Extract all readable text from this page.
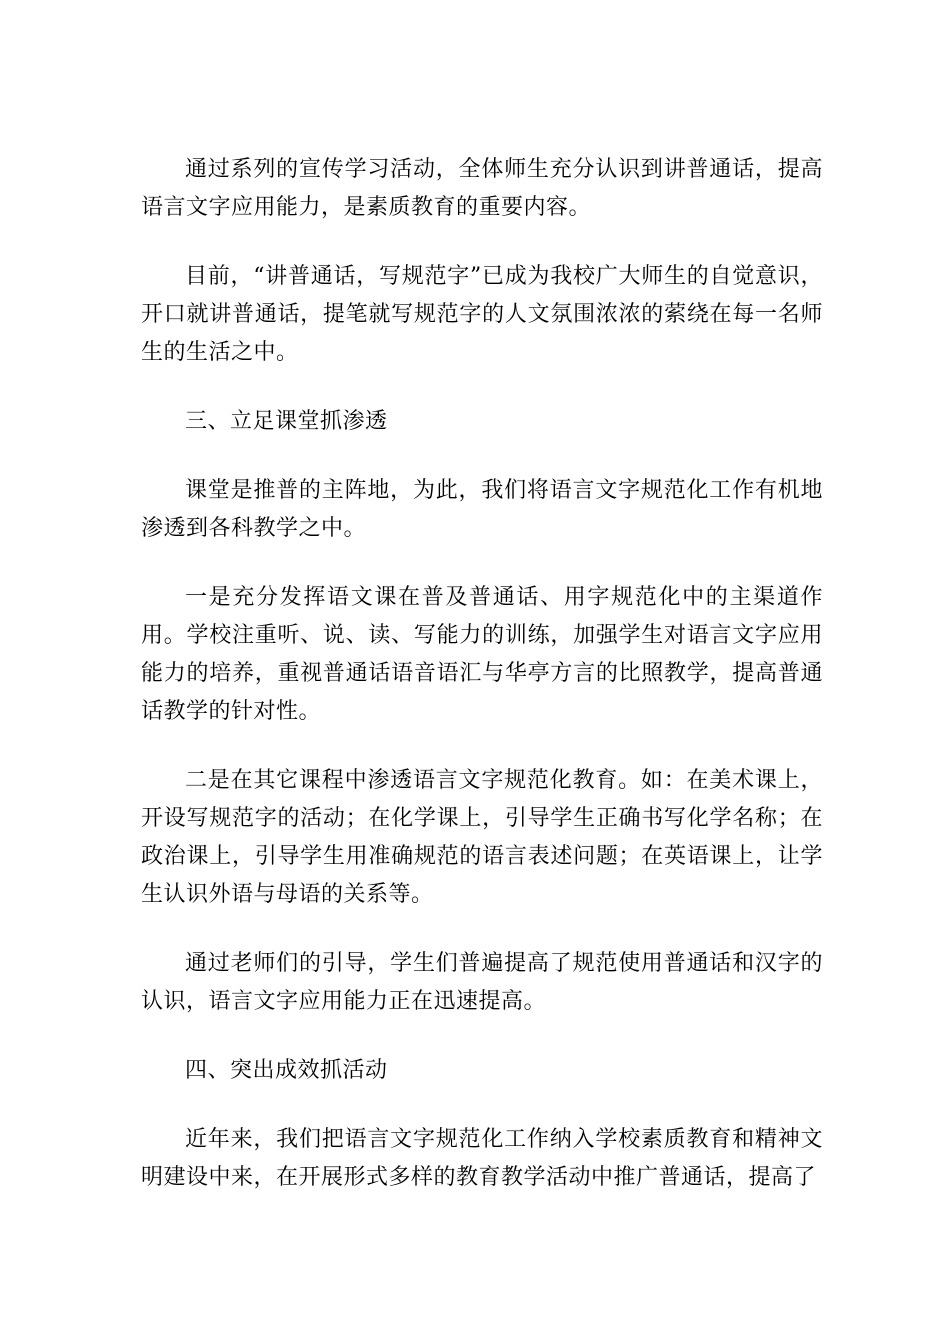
通过系列的宣传学习活动，全体师生充分认识到讲普通话，提高语言文字应用能力，是素质教育的重要内容。

目前，“讲普通话，写规范字”已成为我校广大师生的自觉意识，开口就讲普通话，提笔就写规范字的人文氛围浓浓的萦绕在每一名师生的生活之中。

三、立足课堂抓渗透

课堂是推普的主阵地，为此，我们将语言文字规范化工作有机地渗透到各科教学之中。

一是充分发挥语文课在普及普通话、用字规范化中的主渠道作用。学校注重听、说、读、写能力的训练，加强学生对语言文字应用能力的培养，重视普通话语音语汇与华亭方言的比照教学，提高普通话教学的针对性。

二是在其它课程中渗透语言文字规范化教育。如：在美术课上，开设写规范字的活动；在化学课上，引导学生正确书写化学名称；在政治课上，引导学生用准确规范的语言表述问题；在英语课上，让学生认识外语与母语的关系等。

通过老师们的引导，学生们普遍提高了规范使用普通话和汉字的认识，语言文字应用能力正在迅速提高。

四、突出成效抓活动

近年来，我们把语言文字规范化工作纳入学校素质教育和精神文明建设中来，在开展形式多样的教育教学活动中推广普通话，提高了
